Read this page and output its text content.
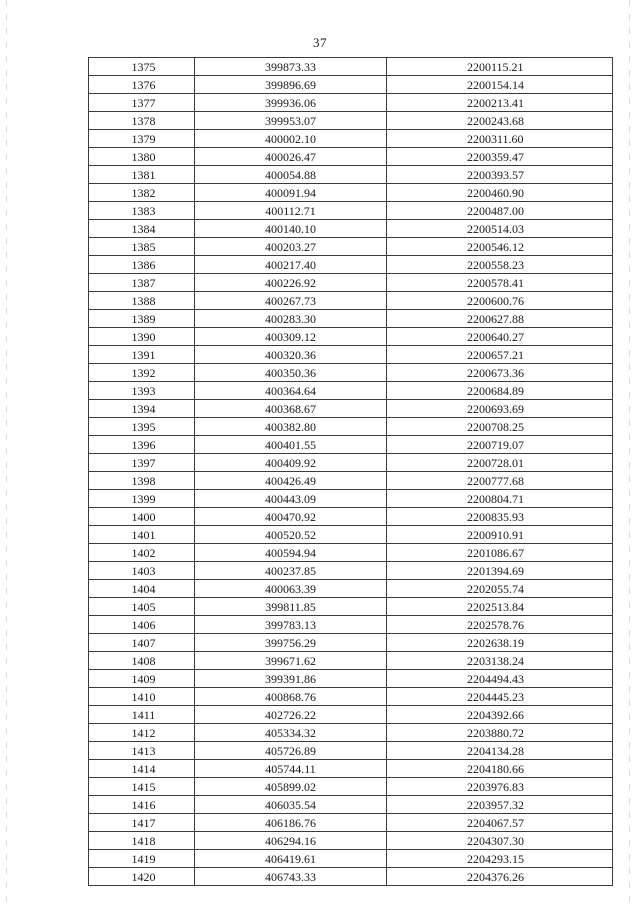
37
1375	399873.33	2200115.21
1376	399896.69	2200154.14
1377	399936.06	2200213.41
1378	399953.07	2200243.68
1379	400002.10	2200311.60
1380	400026.47	2200359.47
1381	400054.88	2200393.57
1382	400091.94	2200460.90
1383	400112.71	2200487.00
1384	400140.10	2200514.03
1385	400203.27	2200546.12
1386	400217.40	2200558.23
1387	400226.92	2200578.41
1388	400267.73	2200600.76
1389	400283.30	2200627.88
1390	400309.12	2200640.27
1391	400320.36	2200657.21
1392	400350.36	2200673.36
1393	400364.64	2200684.89
1394	400368.67	2200693.69
1395	400382.80	2200708.25
1396	400401.55	2200719.07
1397	400409.92	2200728.01
1398	400426.49	2200777.68
1399	400443.09	2200804.71
1400	400470.92	2200835.93
1401	400520.52	2200910.91
1402	400594.94	2201086.67
1403	400237.85	2201394.69
1404	400063.39	2202055.74
1405	399811.85	2202513.84
1406	399783.13	2202578.76
1407	399756.29	2202638.19
1408	399671.62	2203138.24
1409	399391.86	2204494.43
1410	400868.76	2204445.23
1411	402726.22	2204392.66
1412	405334.32	2203880.72
1413	405726.89	2204134.28
1414	405744.11	2204180.66
1415	405899.02	2203976.83
1416	406035.54	2203957.32
1417	406186.76	2204067.57
1418	406294.16	2204307.30
1419	406419.61	2204293.15
1420	406743.33	2204376.26
